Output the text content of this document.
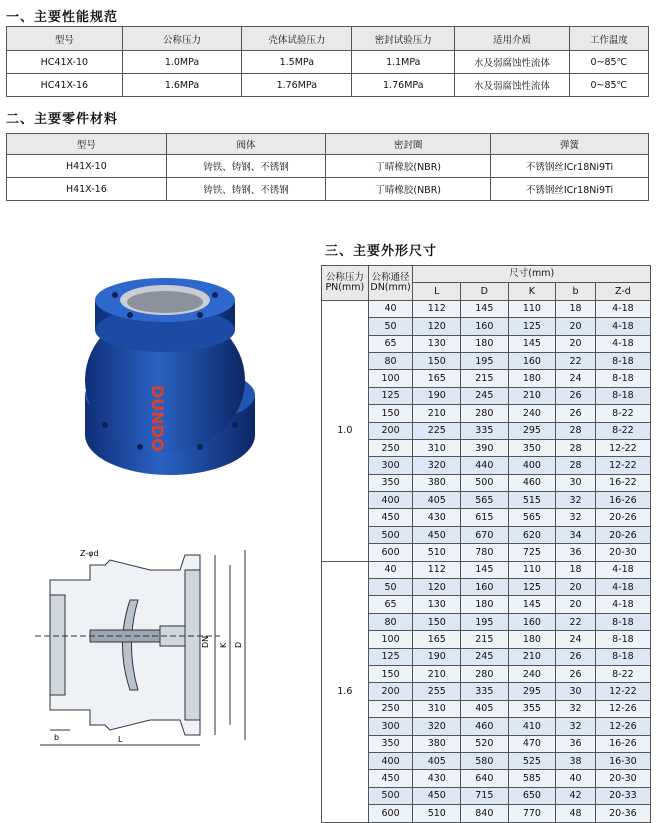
一、主要性能规范
型号	公称压力	壳体试验压力	密封试验压力	适用介质	工作温度
HC41X-10	1.0MPa	1.5MPa	1.1MPa	水及弱腐蚀性流体	0~85℃
HC41X-16	1.6MPa	1.76MPa	1.76MPa	水及弱腐蚀性流体	0~85℃
二、主要零件材料
型号	阀体	密封圈	弹簧
H41X-10	铸铁、铸钢、不锈钢	丁晴橡胶(NBR)	不锈钢丝ICr18Ni9Ti
H41X-16	铸铁、铸钢、不锈钢	丁晴橡胶(NBR)	不锈钢丝ICr18Ni9Ti
三、主要外形尺寸
DUNDO
Z-φd
b	L
DN K D
公称压力PN(mm)	公称通径DN(mm)	尺寸(mm)				
		L	D	K	b	Z-d
1.0	40	112	145	110	18	4-18
	50	120	160	125	20	4-18
	65	130	180	145	20	4-18
	80	150	195	160	22	8-18
	100	165	215	180	24	8-18
	125	190	245	210	26	8-18
	150	210	280	240	26	8-22
	200	225	335	295	28	8-22
	250	310	390	350	28	12-22
	300	320	440	400	28	12-22
	350	380	500	460	30	16-22
	400	405	565	515	32	16-26
	450	430	615	565	32	20-26
	500	450	670	620	34	20-26
	600	510	780	725	36	20-30
1.6	40	112	145	110	18	4-18
	50	120	160	125	20	4-18
	65	130	180	145	20	4-18
	80	150	195	160	22	8-18
	100	165	215	180	24	8-18
	125	190	245	210	26	8-18
	150	210	280	240	26	8-22
	200	255	335	295	30	12-22
	250	310	405	355	32	12-26
	300	320	460	410	32	12-26
	350	380	520	470	36	16-26
	400	405	580	525	38	16-30
	450	430	640	585	40	20-30
	500	450	715	650	42	20-33
	600	510	840	770	48	20-36
